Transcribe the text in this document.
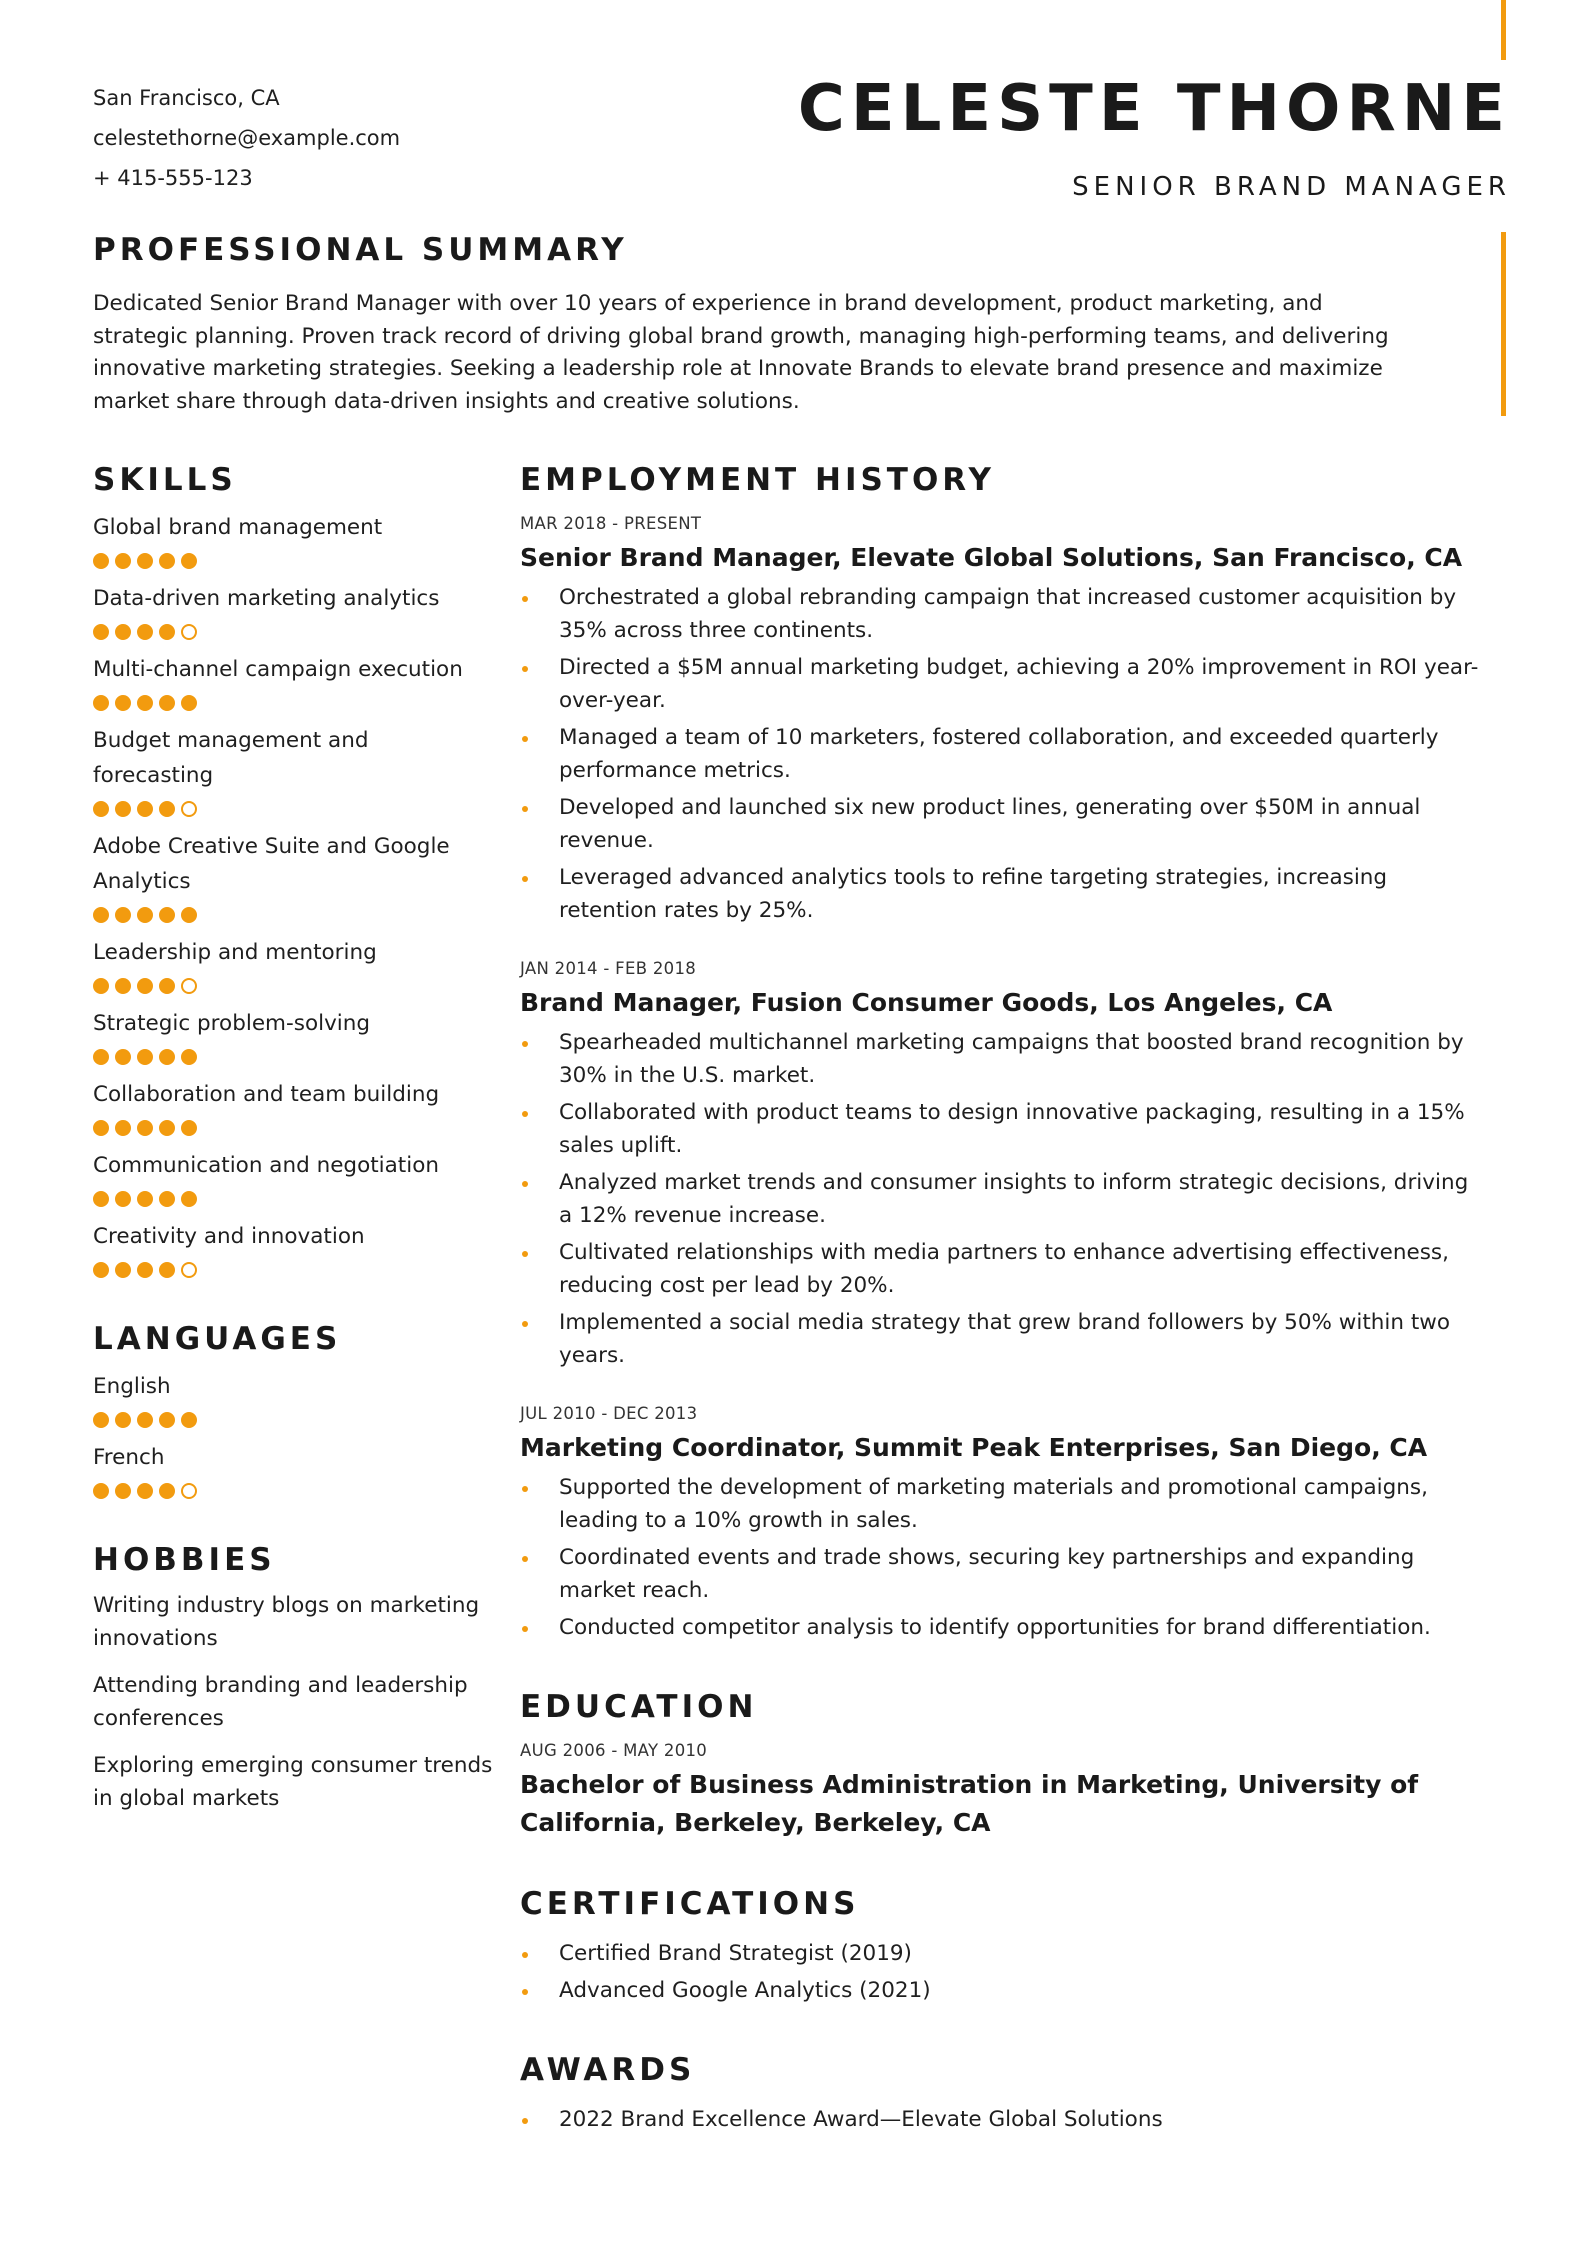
San Francisco, CA
celestethorne@example.com
+ 415-555-123
CELESTE THORNE
SENIOR BRAND MANAGER
PROFESSIONAL SUMMARY
Dedicated Senior Brand Manager with over 10 years of experience in brand development, product marketing, and strategic planning. Proven track record of driving global brand growth, managing high-performing teams, and delivering innovative marketing strategies. Seeking a leadership role at Innovate Brands to elevate brand presence and maximize market share through data-driven insights and creative solutions.
SKILLS
Global brand management
Data-driven marketing analytics
Multi-channel campaign execution
Budget management and forecasting
Adobe Creative Suite and Google Analytics
Leadership and mentoring
Strategic problem-solving
Collaboration and team building
Communication and negotiation
Creativity and innovation
LANGUAGES
English
French
HOBBIES
Writing industry blogs on marketing innovations
Attending branding and leadership conferences
Exploring emerging consumer trends in global markets
EMPLOYMENT HISTORY
MAR 2018 - PRESENT
Senior Brand Manager, Elevate Global Solutions, San Francisco, CA
Orchestrated a global rebranding campaign that increased customer acquisition by 35% across three continents.
Directed a $5M annual marketing budget, achieving a 20% improvement in ROI year-over-year.
Managed a team of 10 marketers, fostered collaboration, and exceeded quarterly performance metrics.
Developed and launched six new product lines, generating over $50M in annual revenue.
Leveraged advanced analytics tools to refine targeting strategies, increasing retention rates by 25%.
JAN 2014 - FEB 2018
Brand Manager, Fusion Consumer Goods, Los Angeles, CA
Spearheaded multichannel marketing campaigns that boosted brand recognition by 30% in the U.S. market.
Collaborated with product teams to design innovative packaging, resulting in a 15% sales uplift.
Analyzed market trends and consumer insights to inform strategic decisions, driving a 12% revenue increase.
Cultivated relationships with media partners to enhance advertising effectiveness, reducing cost per lead by 20%.
Implemented a social media strategy that grew brand followers by 50% within two years.
JUL 2010 - DEC 2013
Marketing Coordinator, Summit Peak Enterprises, San Diego, CA
Supported the development of marketing materials and promotional campaigns, leading to a 10% growth in sales.
Coordinated events and trade shows, securing key partnerships and expanding market reach.
Conducted competitor analysis to identify opportunities for brand differentiation.
EDUCATION
AUG 2006 - MAY 2010
Bachelor of Business Administration in Marketing, University of California, Berkeley, Berkeley, CA
CERTIFICATIONS
Certified Brand Strategist (2019)
Advanced Google Analytics (2021)
AWARDS
2022 Brand Excellence Award—Elevate Global Solutions
